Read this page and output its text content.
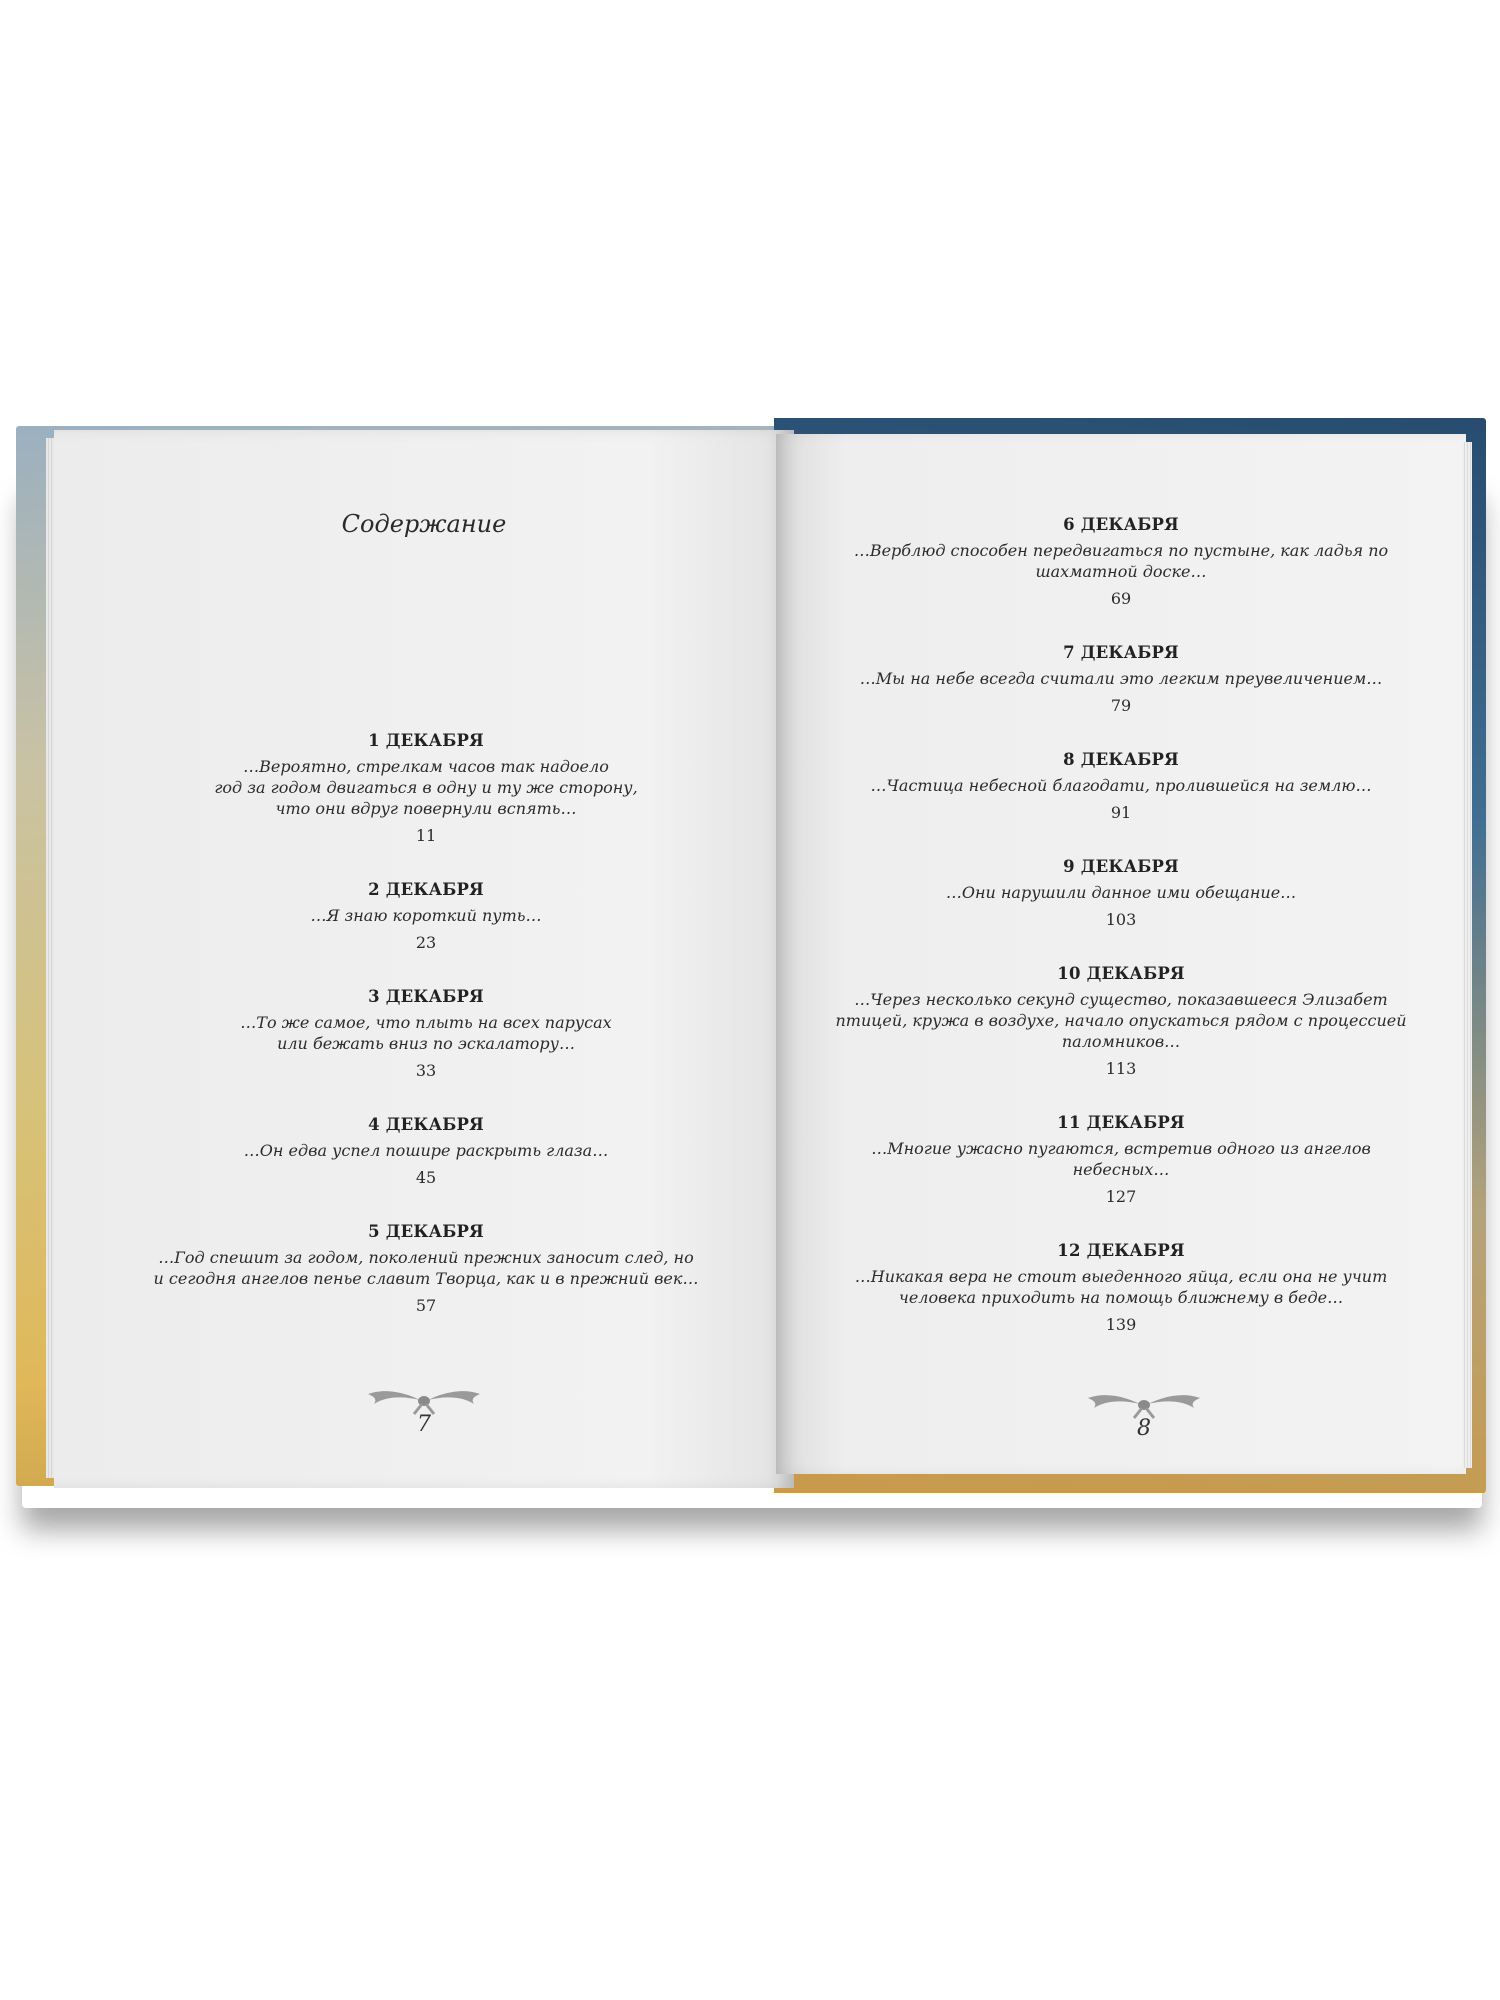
Содержание
1 ДЕКАБРЯ
…Вероятно, стрелкам часов так надоело
год за годом двигаться в одну и ту же сторону,
что они вдруг повернули вспять…
11
2 ДЕКАБРЯ
…Я знаю короткий путь…
23
3 ДЕКАБРЯ
…То же самое, что плыть на всех парусах
или бежать вниз по эскалатору…
33
4 ДЕКАБРЯ
…Он едва успел пошире раскрыть глаза…
45
5 ДЕКАБРЯ
…Год спешит за годом, поколений прежних заносит след, но
и сегодня ангелов пенье славит Творца, как и в прежний век…
57
6 ДЕКАБРЯ
…Верблюд способен передвигаться по пустыне, как ладья по
шахматной доске…
69
7 ДЕКАБРЯ
…Мы на небе всегда считали это легким преувеличением…
79
8 ДЕКАБРЯ
…Частица небесной благодати, пролившейся на землю…
91
9 ДЕКАБРЯ
…Они нарушили данное ими обещание…
103
10 ДЕКАБРЯ
…Через несколько секунд существо, показавшееся Элизабет
птицей, кружа в воздухе, начало опускаться рядом с процессией
паломников…
113
11 ДЕКАБРЯ
…Многие ужасно пугаются, встретив одного из ангелов
небесных…
127
12 ДЕКАБРЯ
…Никакая вера не стоит выеденного яйца, если она не учит
человека приходить на помощь ближнему в беде…
139
7	8
